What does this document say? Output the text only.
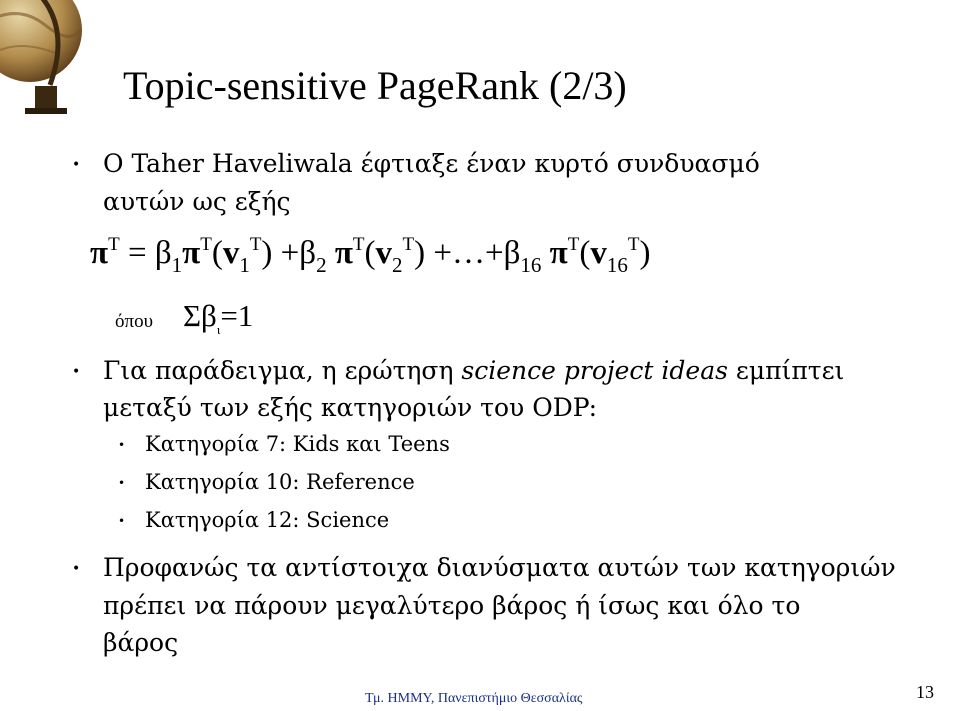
Topic-sensitive PageRank (2/3)
• Ο Taher Haveliwala έφτιαξε έναν κυρτό συνδυασμό
αυτών ως εξής
$\pi^T = \beta_1\pi^T(v_1^T) +\beta_2$ $\pi^T(v_2^T)$ $+\dots+\beta_{16}$ $\pi^T(v_{16}^T)$
όπου $\Sigma\beta_\iota=1$
• Για παράδειγμα, η ερώτηση science project ideas εμπίπτει
μεταξύ των εξής κατηγοριών του ODP:
• Κατηγορία 7: Kids και Teens
• Κατηγορία 10: Reference
• Κατηγορία 12: Science
• Προφανώς τα αντίστοιχα διανύσματα αυτών των κατηγοριών
πρέπει να πάρουν μεγαλύτερο βάρος ή ίσως και όλο το
βάρος
Τμ. ΗΜΜΥ, Πανεπιστήμιο Θεσσαλίας	13
